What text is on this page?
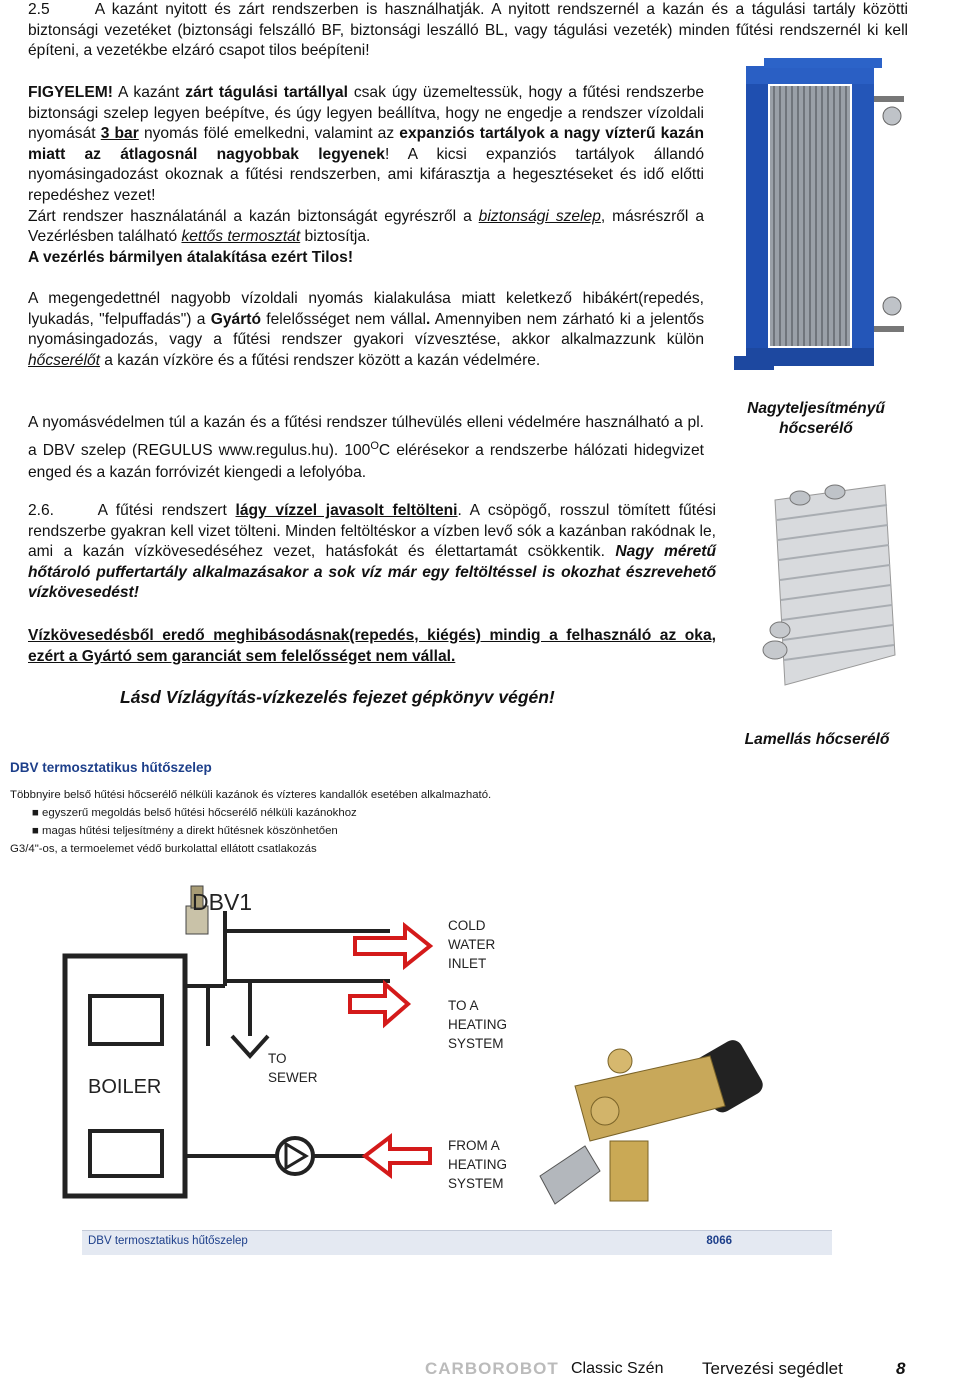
2.5	A kazánt nyitott és zárt rendszerben is használhatják. A nyitott rendszernél a kazán és a tágulási tartály közötti biztonsági vezetéket (biztonsági felszálló BF, biztonsági leszálló BL, vagy tágulási vezeték) minden fűtési rendszernél ki kell építeni, a vezetékbe elzáró csapot tilos beépíteni!
FIGYELEM! A kazánt zárt tágulási tartállyal csak úgy üzemeltessük, hogy a fűtési rendszerbe biztonsági szelep legyen beépítve, és úgy legyen beállítva, hogy ne engedje a rendszer vízoldali nyomását 3 bar nyomás fölé emelkedni, valamint az expanziós tartályok a nagy vízterű kazán miatt az átlagosnál nagyobbak legyenek! A kicsi expanziós tartályok állandó nyomásingadozást okoznak a fűtési rendszerben, ami kifárasztja a hegesztéseket és idő előtti repedéshez vezet!
Zárt rendszer használatánál a kazán biztonságát egyrészről a biztonsági szelep, másrészről a Vezérlésben található kettős termosztát biztosítja.
A vezérlés bármilyen átalakítása ezért Tilos!
A megengedettnél nagyobb vízoldali nyomás kialakulása miatt keletkező hibákért(repedés, lyukadás, "felpuffadás") a Gyártó felelősséget nem vállal. Amennyiben nem zárható ki a jelentős nyomásingadozás, vagy a fűtési rendszer gyakori vízvesztése, akkor alkalmazzunk külön hőcserélőt a kazán vízköre és a fűtési rendszer között a kazán védelmére.
A nyomásvédelmen túl a kazán és a fűtési rendszer túlhevülés elleni védelmére használható a pl. a DBV szelep (REGULUS www.regulus.hu). $100^OC$ elérésekor a rendszerbe hálózati hidegvizet enged és a kazán forróvizét kiengedi a lefolyóba.
2.6.	A fűtési rendszert lágy vízzel javasolt feltölteni. A csöpögő, rosszul tömített fűtési rendszerbe gyakran kell vizet tölteni. Minden feltöltéskor a vízben levő sók a kazánban rakódnak le, ami a kazán vízkövesedéséhez vezet, hatásfokát és élettartamát csökkentik. Nagy méretű hőtároló puffertartály alkalmazásakor a sok víz már egy feltöltéssel is okozhat észrevehető vízkövesedést!
Vízkövesedésből eredő meghibásodásnak(repedés, kiégés) mindig a felhasználó az oka, ezért a Gyártó sem garanciát sem felelősséget nem vállal.
Lásd Vízlágyítás-vízkezelés fejezet gépkönyv végén!
Nagyteljesítményű hőcserélő
Lamellás hőcserélő
DBV termosztatikus hűtőszelep
Többnyire belső hűtési hőcserélő nélküli kazánok és vízteres kandallók esetében alkalmazható.
■ egyszerű megoldás belső hűtési hőcserélő nélküli kazánokhoz
■ magas hűtési teljesítmény a direkt hűtésnek köszönhetően
G3/4"-os, a termoelemet védő burkolattal ellátott csatlakozás
DBV1
BOILER
COLD
WATER
INLET
TO A
HEATING
SYSTEM
TO
SEWER
FROM A
HEATING
SYSTEM
DBV termosztatikus hűtőszelep	8066
CARBOROBOT Classic Szén Tervezési segédlet	8
